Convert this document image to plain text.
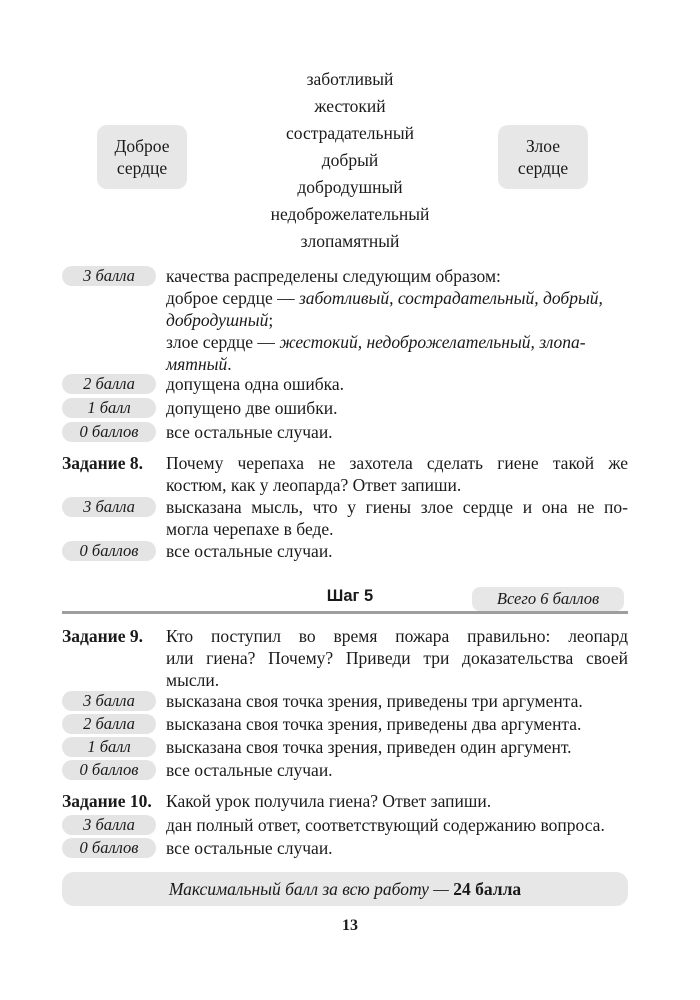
заботливый
жестокий
сострадательный
добрый
добродушный
недоброжелательный
злопамятный
Доброе
сердце
Злое
сердце
3 балла	качества распределены следующим образом:
доброе сердце — заботливый, сострадательный, добрый,
добродушный;
злое сердце — жестокий, недоброжелательный, злопа-
мятный.
2 балла	допущена одна ошибка.
1 балл	допущено две ошибки.
0 баллов	все остальные случаи.
Задание 8. Почему черепаха не захотела сделать гиене такой же
костюм, как у леопарда? Ответ запиши.
3 балла	высказана мысль, что у гиены злое сердце и она не по-
могла черепахе в беде.
0 баллов	все остальные случаи.
Шаг 5	Всего 6 баллов
Задание 9. Кто поступил во время пожара правильно: леопард
или гиена? Почему? Приведи три доказательства своей
мысли.
3 балла	высказана своя точка зрения, приведены три аргумента.
2 балла	высказана своя точка зрения, приведены два аргумента.
1 балл	высказана своя точка зрения, приведен один аргумент.
0 баллов	все остальные случаи.
Задание 10. Какой урок получила гиена? Ответ запиши.
3 балла	дан полный ответ, соответствующий содержанию вопроса.
0 баллов	все остальные случаи.
Максимальный балл за всю работу — 24 балла
13
